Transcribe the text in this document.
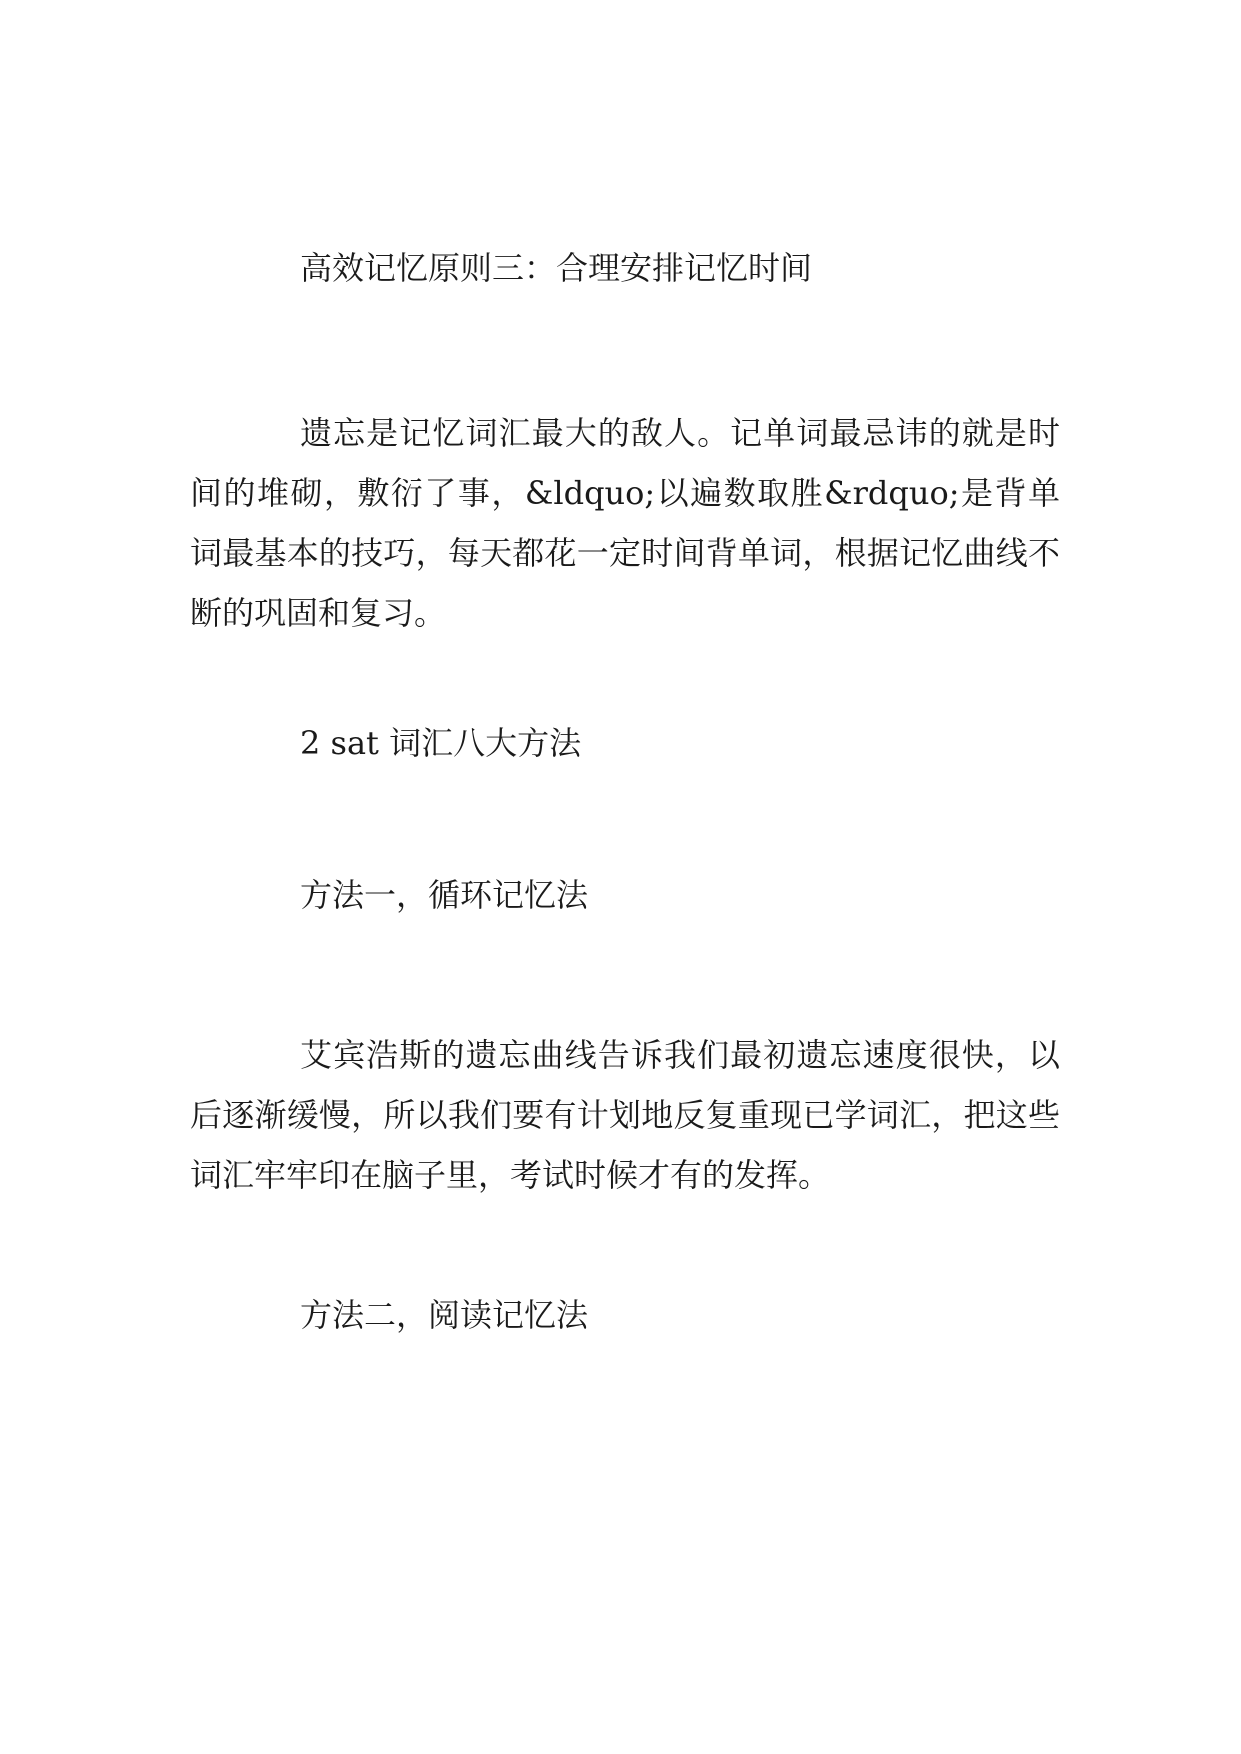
高效记忆原则三：合理安排记忆时间
遗忘是记忆词汇最大的敌人。记单词最忌讳的就是时间的堆砌，敷衍了事，&ldquo;以遍数取胜&rdquo;是背单词最基本的技巧，每天都花一定时间背单词，根据记忆曲线不断的巩固和复习。
2 sat 词汇八大方法
方法一，循环记忆法
艾宾浩斯的遗忘曲线告诉我们最初遗忘速度很快，以后逐渐缓慢，所以我们要有计划地反复重现已学词汇，把这些词汇牢牢印在脑子里，考试时候才有的发挥。
方法二，阅读记忆法
